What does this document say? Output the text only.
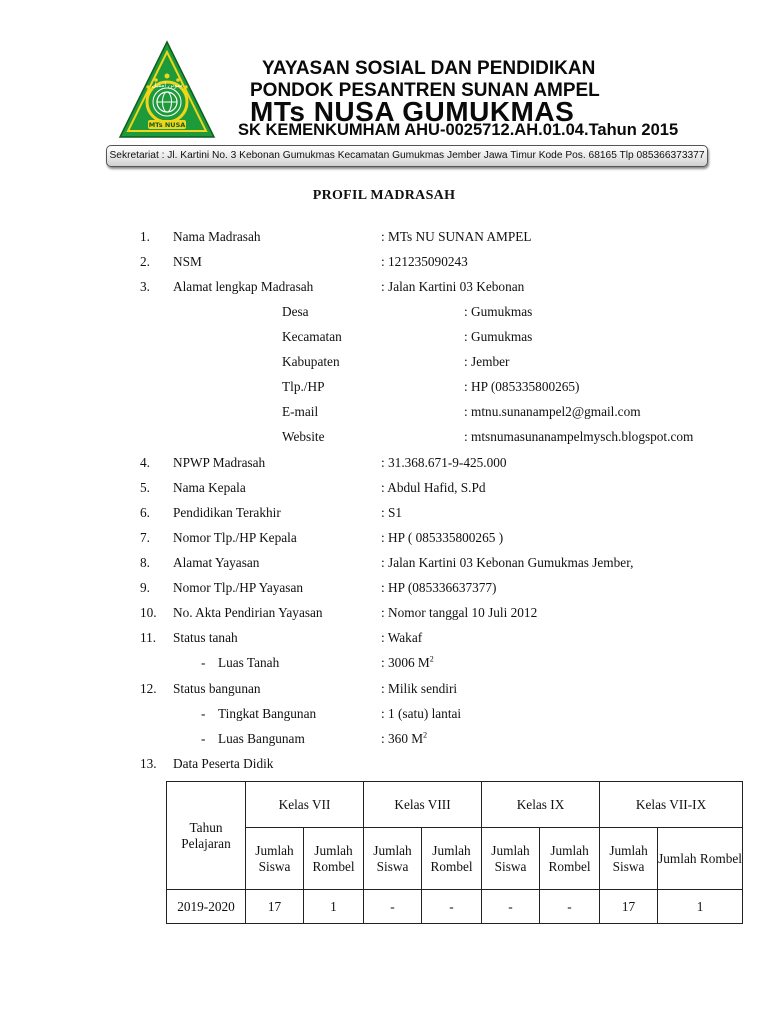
سونن أمفيل
MTs NUSA
YAYASAN SOSIAL DAN PENDIDIKAN
PONDOK PESANTREN SUNAN AMPEL
MTs NUSA GUMUKMAS
SK KEMENKUMHAM AHU-0025712.AH.01.04.Tahun 2015
Sekretariat : Jl. Kartini No. 3 Kebonan Gumukmas Kecamatan Gumukmas Jember Jawa Timur Kode Pos. 68165 Tlp 085366373377
PROFIL MADRASAH
1. Nama Madrasah	: MTs NU SUNAN AMPEL
2. NSM	: 121235090243
3. Alamat lengkap Madrasah	: Jalan Kartini 03 Kebonan
Desa	: Gumukmas
Kecamatan	: Gumukmas
Kabupaten	: Jember
Tlp./HP	: HP (085335800265)
E-mail	: mtnu.sunanampel2@gmail.com
Website	: mtsnumasunanampelmysch.blogspot.com
4. NPWP Madrasah	: 31.368.671-9-425.000
5. Nama Kepala	: Abdul Hafid, S.Pd
6. Pendidikan Terakhir	: S1
7. Nomor Tlp./HP Kepala	: HP ( 085335800265 )
8. Alamat Yayasan	: Jalan Kartini 03 Kebonan Gumukmas Jember,
9. Nomor Tlp./HP Yayasan	: HP (085336637377)
10. No. Akta Pendirian Yayasan	: Nomor tanggal 10 Juli 2012
11. Status tanah	: Wakaf
- Luas Tanah	: 3006 $M^2$
12. Status bangunan	: Milik sendiri
- Tingkat Bangunan	: 1 (satu) lantai
- Luas Bangunam	: 360 $M^2$
13. Data Peserta Didik
Tahun Pelajaran	Kelas VII		Kelas VIII		Kelas IX		Kelas VII-IX	
	Jumlah Siswa	Jumlah Rombel	Jumlah Siswa	Jumlah Rombel	Jumlah Siswa	Jumlah Rombel	Jumlah Siswa	Jumlah Rombel
2019-2020	17	1	-	-	-	-	17	1
